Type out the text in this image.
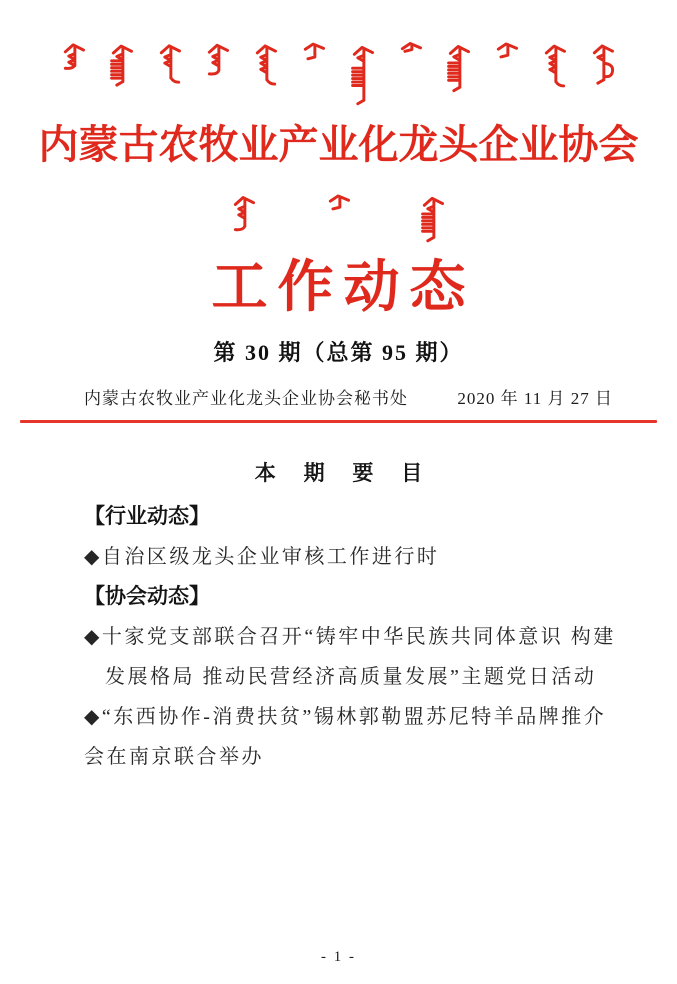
内蒙古农牧业产业化龙头企业协会
工作动态
第 30 期（总第 95 期）
内蒙古农牧业产业化龙头企业协会秘书处	2020 年 11 月 27 日
本 期 要 目
【行业动态】
◆自治区级龙头企业审核工作进行时
【协会动态】
◆十家党支部联合召开“铸牢中华民族共同体意识 构建
发展格局 推动民营经济高质量发展”主题党日活动
◆“东西协作-消费扶贫”锡林郭勒盟苏尼特羊品牌推介
会在南京联合举办
- 1 -
